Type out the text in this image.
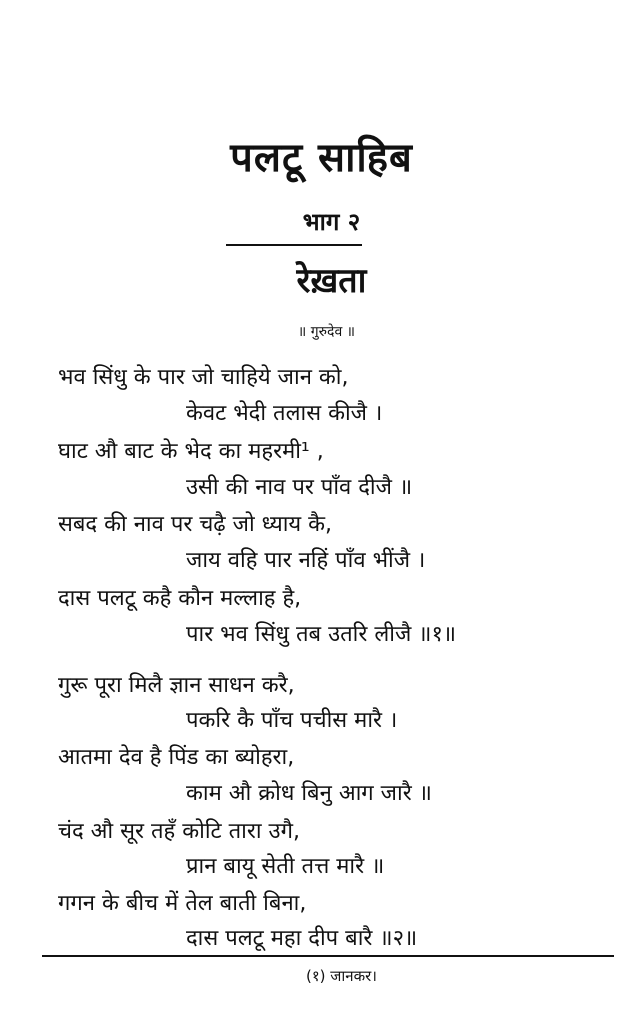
पलटू साहिब
भाग २
रेख़ता
॥ गुरुदेव ॥
भव सिंधु के पार जो चाहिये जान को,
केवट भेदी तलास कीजै ।
घाट औ बाट के भेद का महरमी¹ ,
उसी की नाव पर पाँव दीजै ॥
सबद की नाव पर चढ़ै जो ध्याय कै,
जाय वहि पार नहिं पाँव भींजै ।
दास पलटू कहै कौन मल्लाह है,
पार भव सिंधु तब उतरि लीजै ॥१॥
गुरू पूरा मिलै ज्ञान साधन करै,
पकरि कै पाँच पचीस मारै ।
आतमा देव है पिंड का ब्योहरा,
काम औ क्रोध बिनु आग जारै ॥
चंद औ सूर तहँ कोटि तारा उगै,
प्रान बायू सेती तत्त मारै ॥
गगन के बीच में तेल बाती बिना,
दास पलटू महा दीप बारै ॥२॥
(१) जानकर।
